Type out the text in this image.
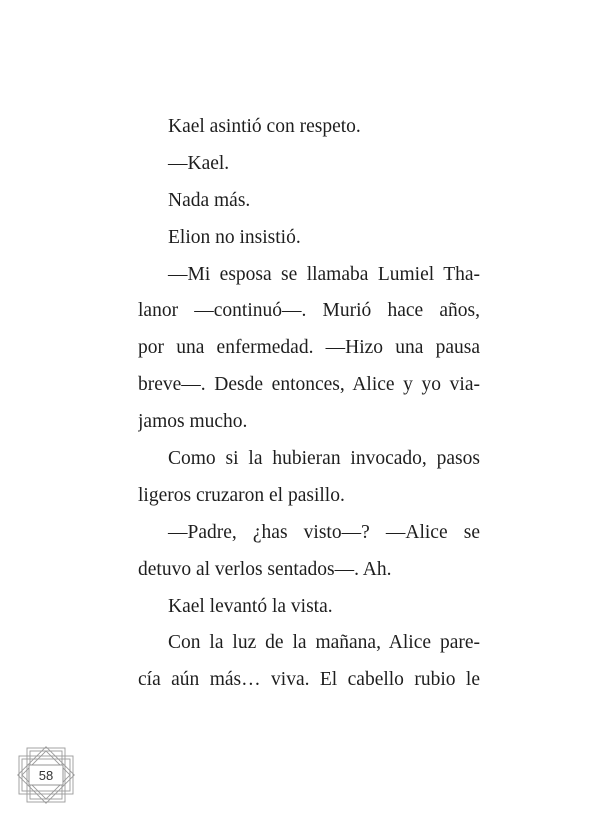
Kael asintió con respeto.
—Kael.
Nada más.
Elion no insistió.
—Mi esposa se llamaba Lumiel Tha-
lanor —continuó—. Murió hace años,
por una enfermedad. —Hizo una pausa
breve—. Desde entonces, Alice y yo via-
jamos mucho.
Como si la hubieran invocado, pasos
ligeros cruzaron el pasillo.
—Padre, ¿has visto—? —Alice se
detuvo al verlos sentados—. Ah.
Kael levantó la vista.
Con la luz de la mañana, Alice pare-
cía aún más… viva. El cabello rubio le
58
